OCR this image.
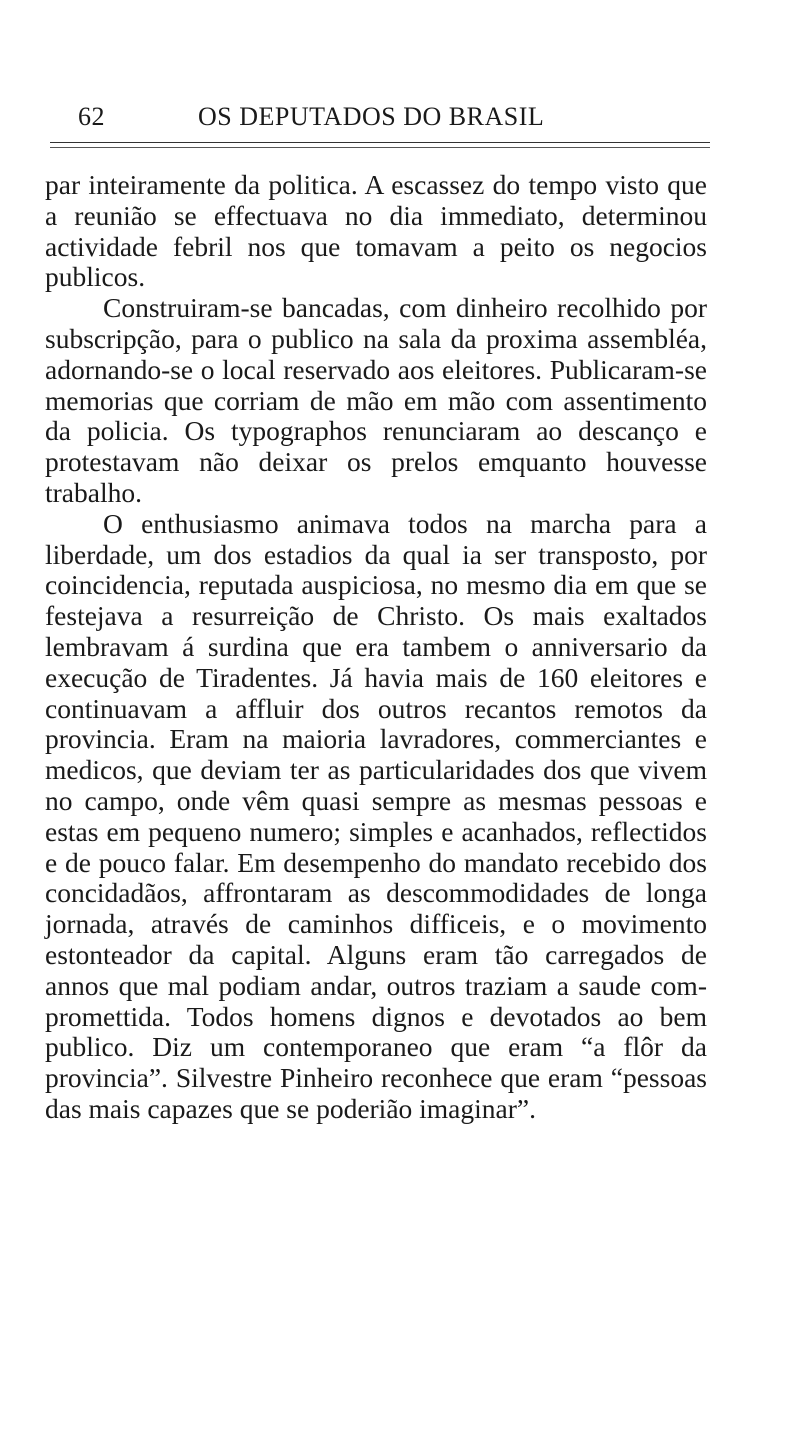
62	OS DEPUTADOS DO BRASIL

par inteiramente da politica. A escassez do tempo visto que a reunião se effectuava no dia immediato, determinou actividade febril nos que tomavam a peito os negocios publicos.

Construiram-se bancadas, com dinheiro recolhido por subscripção, para o publico na sala da proxima assembléa, adornando-se o local reservado aos eleitores. Publicaram-se memorias que corriam de mão em mão com assentimento da policia. Os typographos renunciaram ao descanço e protestavam não deixar os prelos emquanto houvesse trabalho.

O enthusiasmo animava todos na marcha para a liberdade, um dos estadios da qual ia ser transposto, por coincidencia, reputada auspiciosa, no mesmo dia em que se festejava a resurreição de Christo. Os mais exaltados lembravam á surdina que era tambem o anniversario da execução de Tiradentes. Já havia mais de 160 eleitores e continuavam a affluir dos outros recantos remotos da provincia. Eram na maioria lavradores, commerciantes e medicos, que deviam ter as particularidades dos que vivem no campo, onde vêm quasi sempre as mesmas pessoas e estas em pequeno numero; simples e acanhados, reflectidos e de pouco falar. Em desempenho do mandato recebido dos concidadãos, affrontaram as descommodidades de longa jornada, através de caminhos difficeis, e o movimento estonteador da capital. Alguns eram tão carregados de annos que mal podiam andar, outros traziam a saude compromettida. Todos homens dignos e devotados ao bem publico. Diz um contemporaneo que eram “a flôr da provincia”. Silvestre Pinheiro reconhece que eram “pessoas das mais capazes que se poderião imaginar”.
